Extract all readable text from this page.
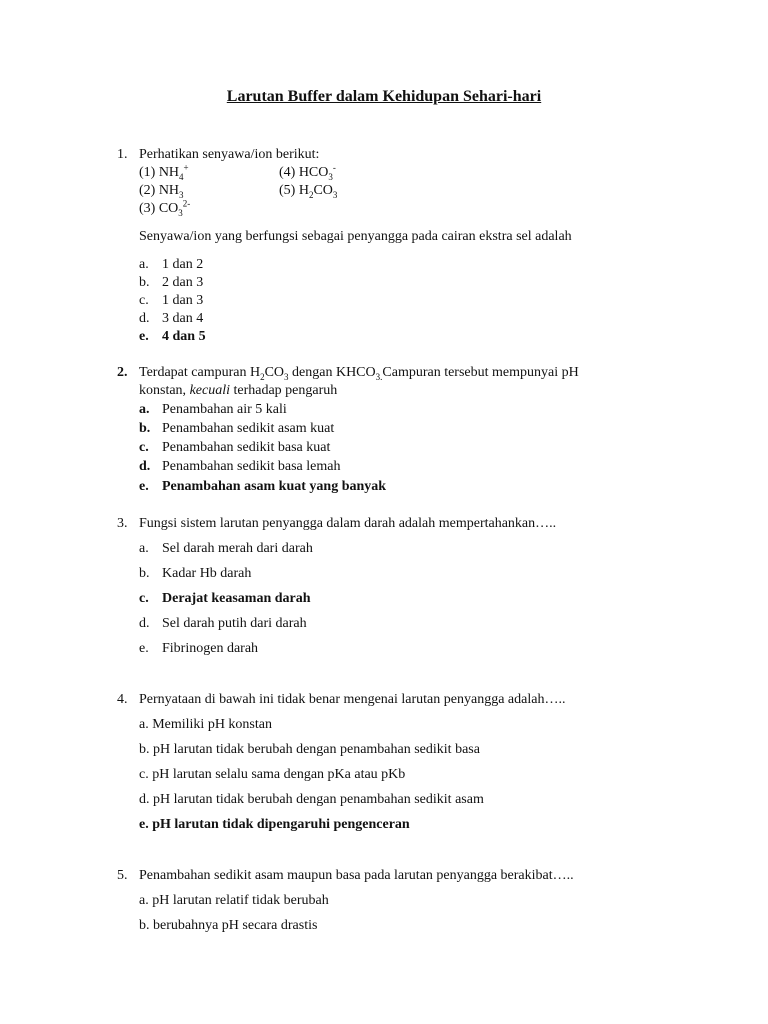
Larutan Buffer dalam Kehidupan Sehari-hari
1. Perhatikan senyawa/ion berikut:
(1) $NH_4^+$	(4) $HCO_3^-$
(2) $NH_3$	(5) $H_2CO_3$
(3) $CO_3^{2-}$
Senyawa/ion yang berfungsi sebagai penyangga pada cairan ekstra sel adalah
a. 1 dan 2
b. 2 dan 3
c. 1 dan 3
d. 3 dan 4
e. 4 dan 5
2. Terdapat campuran $H_2CO_3$ dengan $KHCO_{3.}Campuran$ tersebut mempunyai pH
konstan, kecuali terhadap pengaruh
a. Penambahan air 5 kali
b. Penambahan sedikit asam kuat
c. Penambahan sedikit basa kuat
d. Penambahan sedikit basa lemah
e. Penambahan asam kuat yang banyak
3. Fungsi sistem larutan penyangga dalam darah adalah mempertahankan…..
a. Sel darah merah dari darah
b. Kadar Hb darah
c. Derajat keasaman darah
d. Sel darah putih dari darah
e. Fibrinogen darah
4. Pernyataan di bawah ini tidak benar mengenai larutan penyangga adalah…..
a. Memiliki pH konstan
b. pH larutan tidak berubah dengan penambahan sedikit basa
c. pH larutan selalu sama dengan pKa atau pKb
d. pH larutan tidak berubah dengan penambahan sedikit asam
e. pH larutan tidak dipengaruhi pengenceran
5. Penambahan sedikit asam maupun basa pada larutan penyangga berakibat…..
a. pH larutan relatif tidak berubah
b. berubahnya pH secara drastis
